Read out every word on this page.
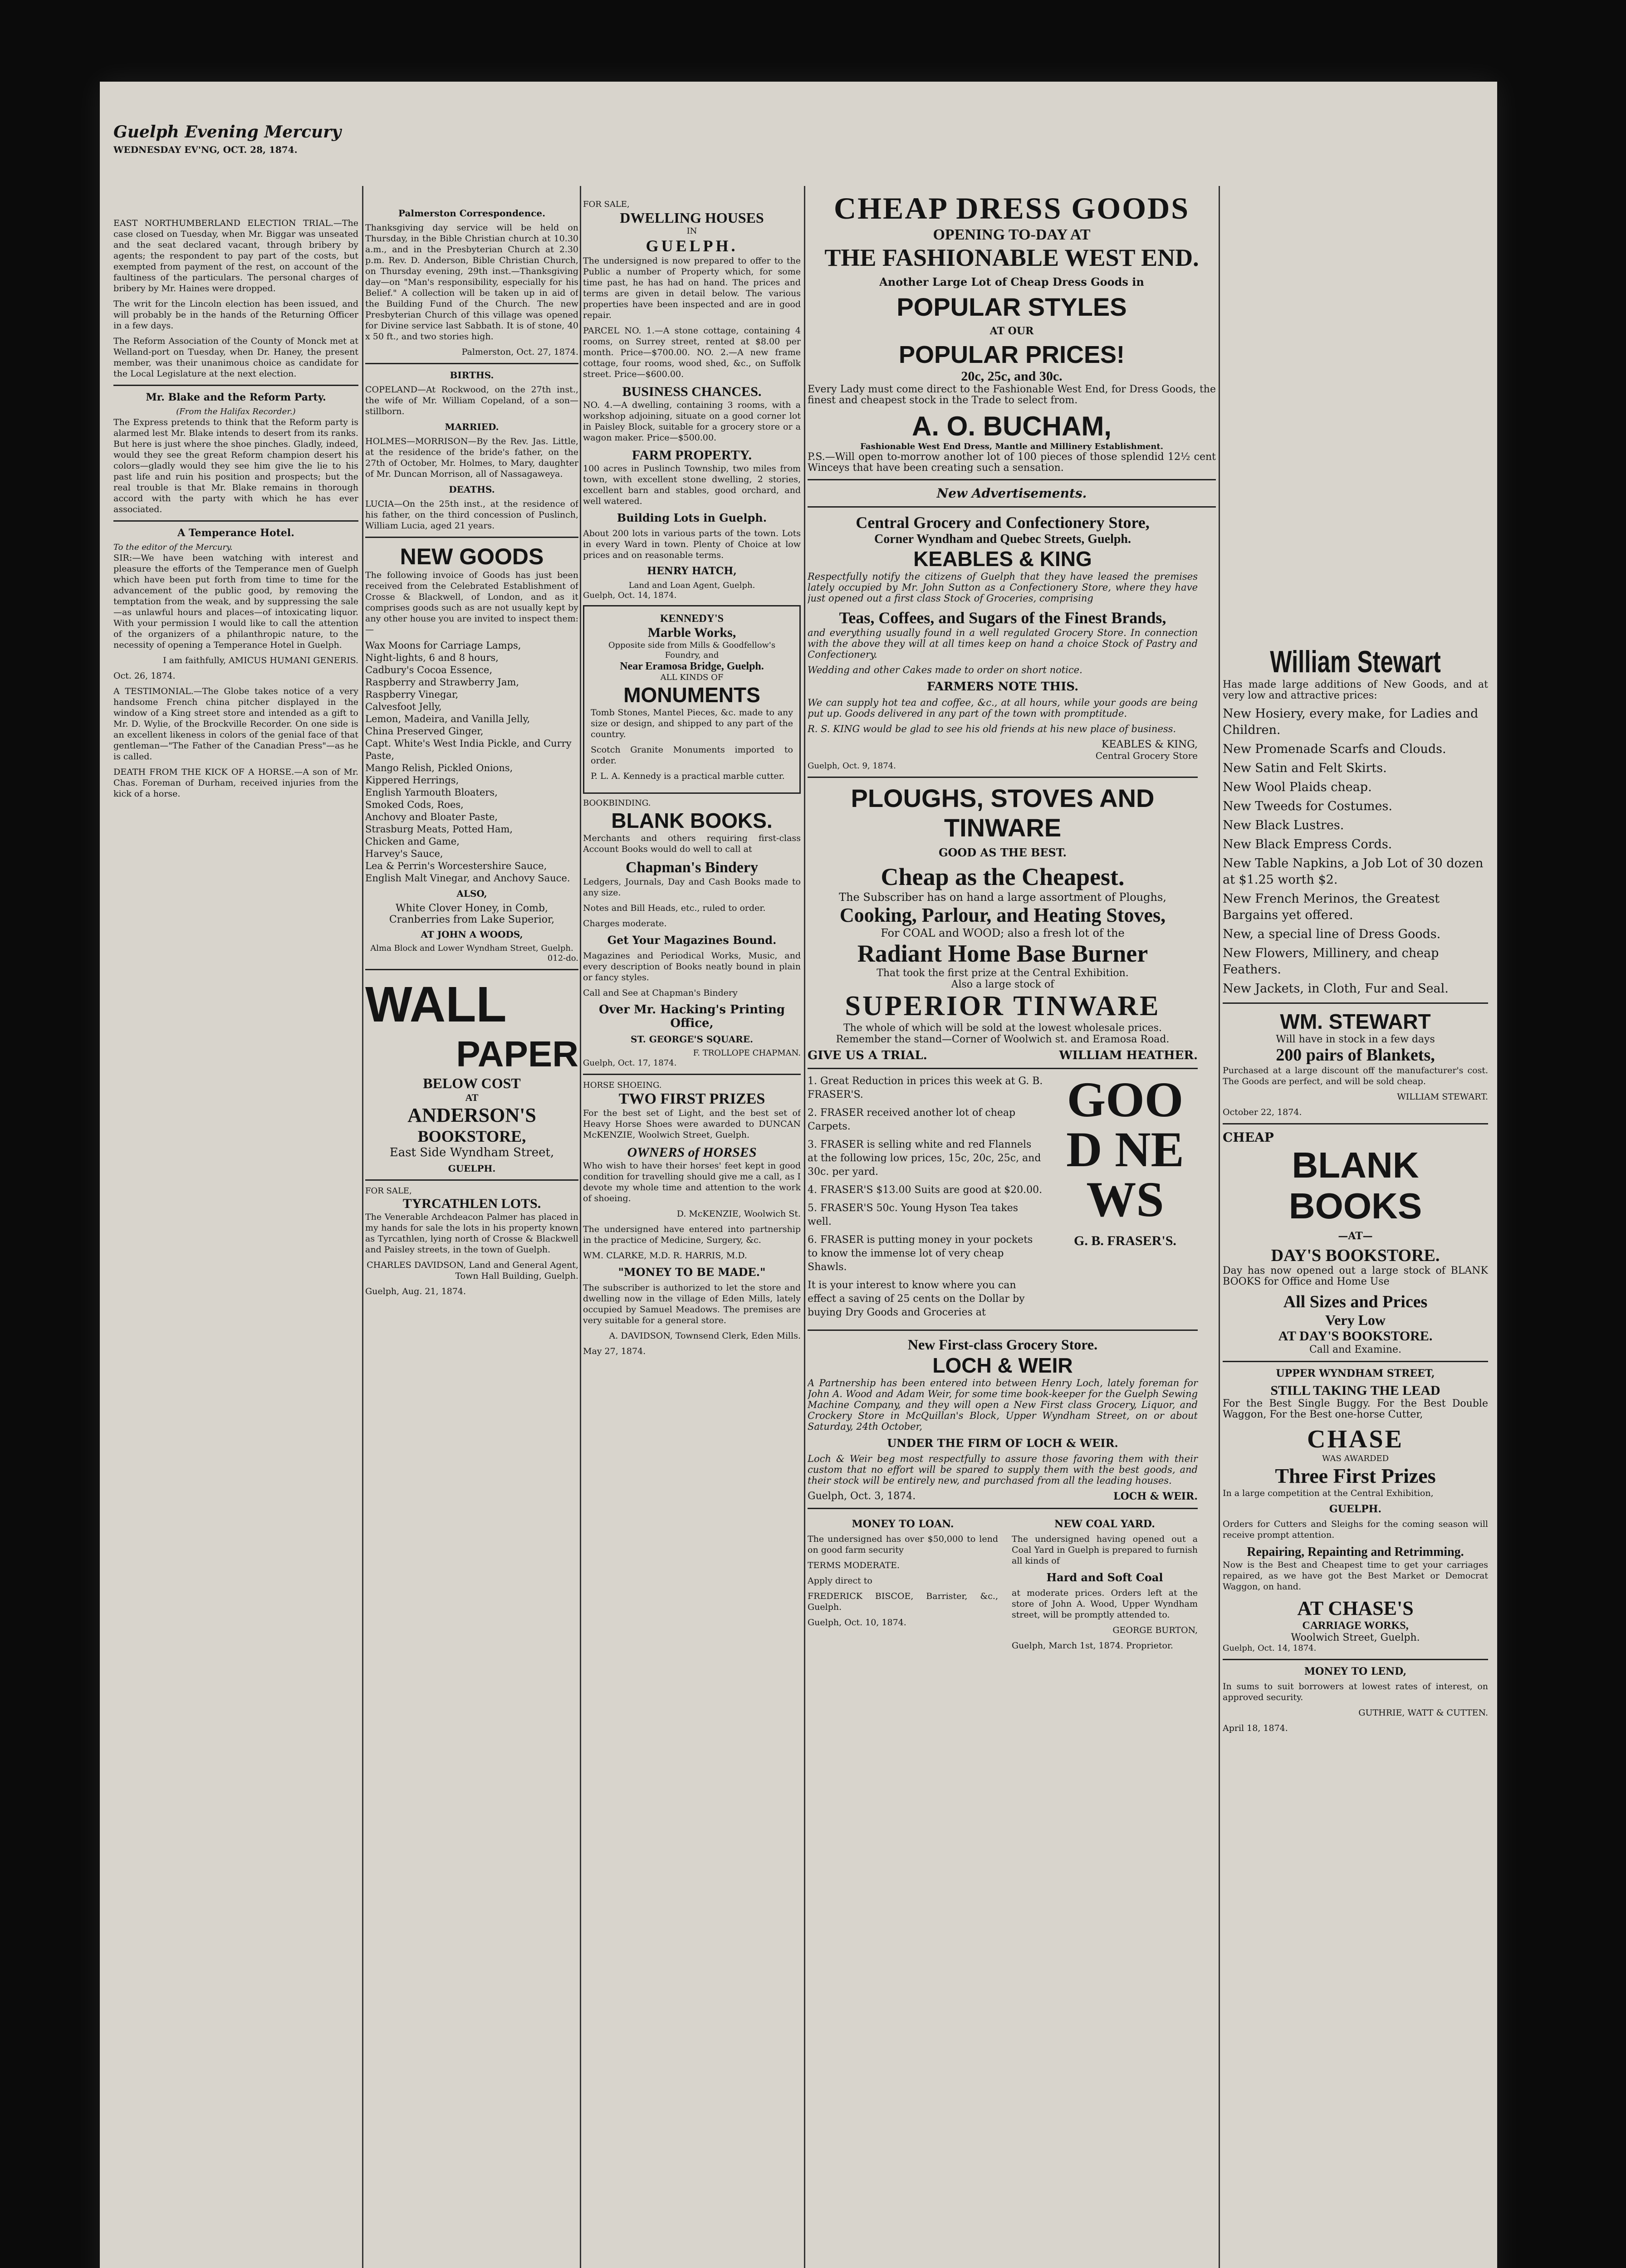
Guelph Evening Mercury
WEDNESDAY EV'NG, OCT. 28, 1874.

EAST NORTHUMBERLAND ELECTION TRIAL.—The case closed on Tuesday, when Mr. Biggar was unseated and the seat declared vacant, through bribery by agents; the respondent to pay part of the costs, but exempted from payment of the rest, on account of the faultiness of the particulars. The personal charges of bribery by Mr. Haines were dropped.

The writ for the Lincoln election has been issued, and will probably be in the hands of the Returning Officer in a few days.

The Reform Association of the County of Monck met at Welland-port on Tuesday, when Dr. Haney, the present member, was their unanimous choice as candidate for the Local Legislature at the next election.

Mr. Blake and the Reform Party.
(From the Halifax Recorder.)

The Express pretends to think that the Reform party is alarmed lest Mr. Blake intends to desert from its ranks. But here is just where the shoe pinches. Gladly, indeed, would they see the great Reform champion desert his colors—gladly would they see him give the lie to his past life and ruin his position and prospects; but the real trouble is that Mr. Blake remains in thorough accord with the party with which he has ever associated.

A Temperance Hotel.
To the editor of the Mercury.

SIR:—We have been watching with interest and pleasure the efforts of the Temperance men of Guelph which have been put forth from time to time for the advancement of the public good, by removing the temptation from the weak, and by suppressing the sale—as unlawful hours and places—of intoxicating liquor. With your permission I would like to call the attention of the organizers of a philanthropic nature, to the necessity of opening a Temperance Hotel in Guelph.

I am faithfully, AMICUS HUMANI GENERIS.

Oct. 26, 1874.

A TESTIMONIAL.—The Globe takes notice of a very handsome French china pitcher displayed in the window of a King street store and intended as a gift to Mr. D. Wylie, of the Brockville Recorder. On one side is an excellent likeness in colors of the genial face of that gentleman—"The Father of the Canadian Press"—as he is called.

DEATH FROM THE KICK OF A HORSE.—A son of Mr. Chas. Foreman of Durham, received injuries from the kick of a horse.

Palmerston Correspondence.

Thanksgiving day service will be held on Thursday, in the Bible Christian church at 10.30 a.m., and in the Presbyterian Church at 2.30 p.m. Rev. D. Anderson, Bible Christian Church, on Thursday evening, 29th inst.—Thanksgiving day—on "Man's responsibility, especially for his Belief." A collection will be taken up in aid of the Building Fund of the Church. The new Presbyterian Church of this village was opened for Divine service last Sabbath. It is of stone, 40 x 50 ft., and two stories high.

Palmerston, Oct. 27, 1874.

BIRTHS.

COPELAND—At Rockwood, on the 27th inst., the wife of Mr. William Copeland, of a son—stillborn.

MARRIED.

HOLMES—MORRISON—By the Rev. Jas. Little, at the residence of the bride's father, on the 27th of October, Mr. Holmes, to Mary, daughter of Mr. Duncan Morrison, all of Nassagaweya.

DEATHS.

LUCIA—On the 25th inst., at the residence of his father, on the third concession of Puslinch, William Lucia, aged 21 years.

NEW GOODS

The following invoice of Goods has just been received from the Celebrated Establishment of Crosse & Blackwell, of London, and as it comprises goods such as are not usually kept by any other house you are invited to inspect them:—

Wax Moons for Carriage Lamps,
Night-lights, 6 and 8 hours,
Cadbury's Cocoa Essence,
Raspberry and Strawberry Jam,
Raspberry Vinegar,
Calvesfoot Jelly,
Lemon, Madeira, and Vanilla Jelly,
China Preserved Ginger,
Capt. White's West India Pickle, and Curry Paste,
Mango Relish, Pickled Onions,
Kippered Herrings,
English Yarmouth Bloaters,
Smoked Cods, Roes,
Anchovy and Bloater Paste,
Strasburg Meats, Potted Ham,
Chicken and Game,
Harvey's Sauce,
Lea & Perrin's Worcestershire Sauce,
English Malt Vinegar, and Anchovy Sauce.
ALSO,
White Clover Honey, in Comb, Cranberries from Lake Superior,
AT JOHN A WOODS,
Alma Block and Lower Wyndham Street, Guelph.
012-do.
WALL
PAPER
BELOW COST
AT
ANDERSON'S
BOOKSTORE,
East Side Wyndham Street,
GUELPH.
FOR SALE,
TYRCATHLEN LOTS.

The Venerable Archdeacon Palmer has placed in my hands for sale the lots in his property known as Tyrcathlen, lying north of Crosse & Blackwell and Paisley streets, in the town of Guelph.

CHARLES DAVIDSON, Land and General Agent, Town Hall Building, Guelph.

Guelph, Aug. 21, 1874.

FOR SALE,
DWELLING HOUSES
IN
GUELPH.

The undersigned is now prepared to offer to the Public a number of Property which, for some time past, he has had on hand. The prices and terms are given in detail below. The various properties have been inspected and are in good repair.

PARCEL NO. 1.—A stone cottage, containing 4 rooms, on Surrey street, rented at $8.00 per month. Price—$700.00. NO. 2.—A new frame cottage, four rooms, wood shed, &c., on Suffolk street. Price—$600.00.

BUSINESS CHANCES.

NO. 4.—A dwelling, containing 3 rooms, with a workshop adjoining, situate on a good corner lot in Paisley Block, suitable for a grocery store or a wagon maker. Price—$500.00.

FARM PROPERTY.

100 acres in Puslinch Township, two miles from town, with excellent stone dwelling, 2 stories, excellent barn and stables, good orchard, and well watered.

Building Lots in Guelph.

About 200 lots in various parts of the town. Lots in every Ward in town. Plenty of Choice at low prices and on reasonable terms.

HENRY HATCH,
Land and Loan Agent, Guelph.
Guelph, Oct. 14, 1874.
KENNEDY'S
Marble Works,
Opposite side from Mills & Goodfellow's Foundry, and
Near Eramosa Bridge, Guelph.
ALL KINDS OF
MONUMENTS

Tomb Stones, Mantel Pieces, &c. made to any size or design, and shipped to any part of the country.

Scotch Granite Monuments imported to order.

P. L. A. Kennedy is a practical marble cutter.

BOOKBINDING.
BLANK BOOKS.

Merchants and others requiring first-class Account Books would do well to call at

Chapman's Bindery

Ledgers, Journals, Day and Cash Books made to any size.

Notes and Bill Heads, etc., ruled to order.

Charges moderate.

Get Your Magazines Bound.

Magazines and Periodical Works, Music, and every description of Books neatly bound in plain or fancy styles.

Call and See at Chapman's Bindery

Over Mr. Hacking's Printing Office,
ST. GEORGE'S SQUARE.
F. TROLLOPE CHAPMAN.
Guelph, Oct. 17, 1874.
HORSE SHOEING.
TWO FIRST PRIZES

For the best set of Light, and the best set of Heavy Horse Shoes were awarded to DUNCAN McKENZIE, Woolwich Street, Guelph.

OWNERS of HORSES

Who wish to have their horses' feet kept in good condition for travelling should give me a call, as I devote my whole time and attention to the work of shoeing.

D. McKENZIE, Woolwich St.

The undersigned have entered into partnership in the practice of Medicine, Surgery, &c.

WM. CLARKE, M.D. R. HARRIS, M.D.

"MONEY TO BE MADE."

The subscriber is authorized to let the store and dwelling now in the village of Eden Mills, lately occupied by Samuel Meadows. The premises are very suitable for a general store.

A. DAVIDSON, Townsend Clerk, Eden Mills.

May 27, 1874.

CHEAP DRESS GOODS
OPENING TO-DAY AT
THE FASHIONABLE WEST END.
Another Large Lot of Cheap Dress Goods in
POPULAR STYLES
AT OUR
POPULAR PRICES!
20c, 25c, and 30c.

Every Lady must come direct to the Fashionable West End, for Dress Goods, the finest and cheapest stock in the Trade to select from.

A. O. BUCHAM,
Fashionable West End Dress, Mantle and Millinery Establishment.

P.S.—Will open to-morrow another lot of 100 pieces of those splendid 12½ cent Winceys that have been creating such a sensation.

New Advertisements.
Central Grocery and Confectionery Store,
Corner Wyndham and Quebec Streets, Guelph.
KEABLES & KING

Respectfully notify the citizens of Guelph that they have leased the premises lately occupied by Mr. John Sutton as a Confectionery Store, where they have just opened out a first class Stock of Groceries, comprising

Teas, Coffees, and Sugars of the Finest Brands,

and everything usually found in a well regulated Grocery Store. In connection with the above they will at all times keep on hand a choice Stock of Pastry and Confectionery.

Wedding and other Cakes made to order on short notice.

FARMERS NOTE THIS.

We can supply hot tea and coffee, &c., at all hours, while your goods are being put up. Goods delivered in any part of the town with promptitude.

R. S. KING would be glad to see his old friends at his new place of business.

KEABLES & KING,
Central Grocery Store
Guelph, Oct. 9, 1874.
PLOUGHS, STOVES AND TINWARE
GOOD AS THE BEST.
Cheap as the Cheapest.
The Subscriber has on hand a large assortment of Ploughs,
Cooking, Parlour, and Heating Stoves,
For COAL and WOOD; also a fresh lot of the
Radiant Home Base Burner
That took the first prize at the Central Exhibition.
Also a large stock of
SUPERIOR TINWARE
The whole of which will be sold at the lowest wholesale prices.
Remember the stand—Corner of Woolwich st. and Eramosa Road.
GIVE US A TRIAL.	WILLIAM HEATHER.
1. Great Reduction in prices this week at G. B. FRASER'S.
2. FRASER received another lot of cheap Carpets.
3. FRASER is selling white and red Flannels at the following low prices, 15c, 20c, 25c, and 30c. per yard.
4. FRASER'S $13.00 Suits are good at $20.00.
5. FRASER'S 50c. Young Hyson Tea takes well.
6. FRASER is putting money in your pockets to know the immense lot of very cheap Shawls.
It is your interest to know where you can effect a saving of 25 cents on the Dollar by buying Dry Goods and Groceries at
GOOD NEWS
G. B. FRASER'S.
New First-class Grocery Store.
LOCH & WEIR

A Partnership has been entered into between Henry Loch, lately foreman for John A. Wood and Adam Weir, for some time book-keeper for the Guelph Sewing Machine Company, and they will open a New First class Grocery, Liquor, and Crockery Store in McQuillan's Block, Upper Wyndham Street, on or about Saturday, 24th October,

UNDER THE FIRM OF LOCH & WEIR.

Loch & Weir beg most respectfully to assure those favoring them with their custom that no effort will be spared to supply them with the best goods, and their stock will be entirely new, and purchased from all the leading houses.

Guelph, Oct. 3, 1874.	LOCH & WEIR.
MONEY TO LOAN.

The undersigned has over $50,000 to lend on good farm security

TERMS MODERATE.

Apply direct to

FREDERICK BISCOE, Barrister, &c., Guelph.

Guelph, Oct. 10, 1874.

NEW COAL YARD.

The undersigned having opened out a Coal Yard in Guelph is prepared to furnish all kinds of

Hard and Soft Coal

at moderate prices. Orders left at the store of John A. Wood, Upper Wyndham street, will be promptly attended to.

GEORGE BURTON,

Guelph, March 1st, 1874. Proprietor.

William Stewart

Has made large additions of New Goods, and at very low and attractive prices:

New Hosiery, every make, for Ladies and Children.
New Promenade Scarfs and Clouds.
New Satin and Felt Skirts.
New Wool Plaids cheap.
New Tweeds for Costumes.
New Black Lustres.
New Black Empress Cords.
New Table Napkins, a Job Lot of 30 dozen at $1.25 worth $2.
New French Merinos, the Greatest Bargains yet offered.
New, a special line of Dress Goods.
New Flowers, Millinery, and cheap Feathers.
New Jackets, in Cloth, Fur and Seal.
WM. STEWART
Will have in stock in a few days
200 pairs of Blankets,

Purchased at a large discount off the manufacturer's cost. The Goods are perfect, and will be sold cheap.

WILLIAM STEWART.

October 22, 1874.

CHEAP
BLANK
BOOKS
—AT—
DAY'S BOOKSTORE.

Day has now opened out a large stock of BLANK BOOKS for Office and Home Use

All Sizes and Prices
Very Low
AT DAY'S BOOKSTORE.
Call and Examine.
UPPER WYNDHAM STREET,
STILL TAKING THE LEAD

For the Best Single Buggy. For the Best Double Waggon, For the Best one-horse Cutter,

CHASE
WAS AWARDED
Three First Prizes

In a large competition at the Central Exhibition,

GUELPH.

Orders for Cutters and Sleighs for the coming season will receive prompt attention.

Repairing, Repainting and Retrimming.

Now is the Best and Cheapest time to get your carriages repaired, as we have got the Best Market or Democrat Waggon, on hand.

AT CHASE'S
CARRIAGE WORKS,
Woolwich Street, Guelph.
Guelph, Oct. 14, 1874.
MONEY TO LEND,

In sums to suit borrowers at lowest rates of interest, on approved security.

GUTHRIE, WATT & CUTTEN.

April 18, 1874.
